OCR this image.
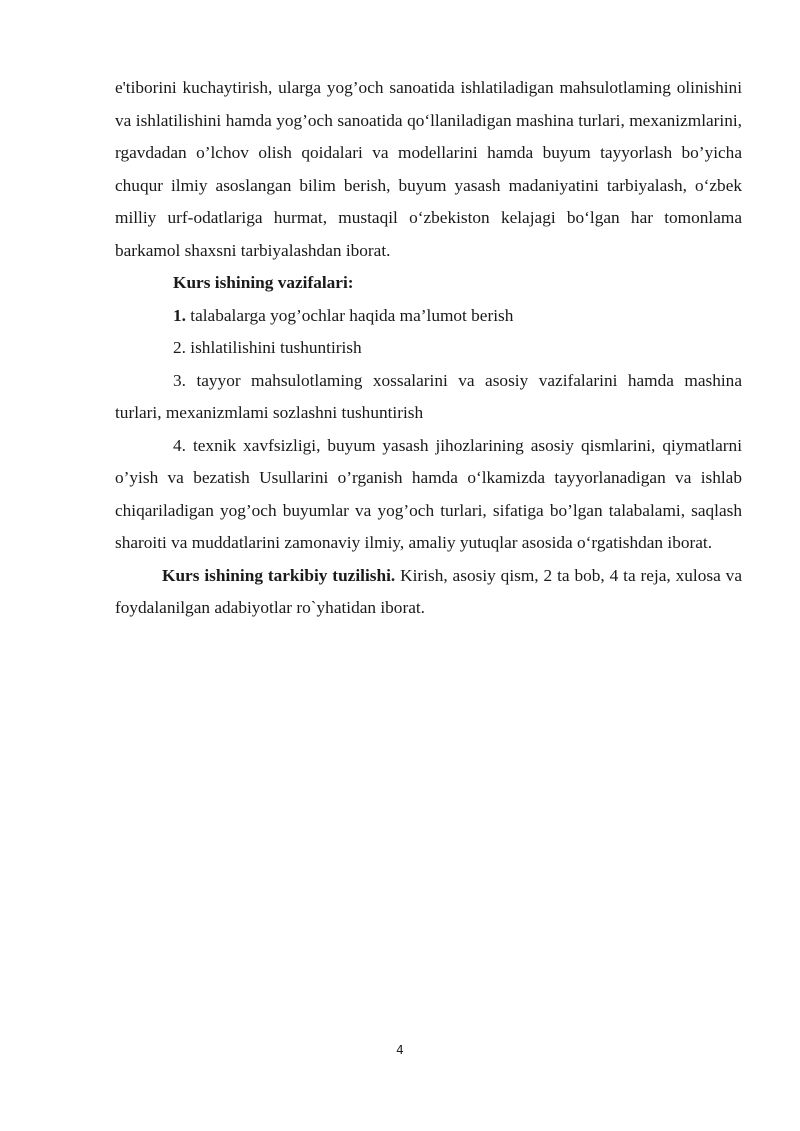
e'tiborini kuchaytirish, ularga yog’och sanoatida ishlatiladigan mahsulotlaming olinishini va ishlatilishini hamda yog’och sanoatida qo‘llaniladigan mashina turlari, mexanizmlarini, rgavdadan o’lchov olish qoidalari va modellarini hamda buyum tayyorlash bo’yicha chuqur ilmiy asoslangan bilim berish, buyum yasash madaniyatini tarbiyalash, o‘zbek milliy urf-odatlariga hurmat, mustaqil o‘zbekiston kelajagi bo‘lgan har tomonlama barkamol shaxsni tarbiyalashdan iborat.

Kurs ishining vazifalari:

1. talabalarga yog’ochlar haqida ma’lumot berish

2. ishlatilishini tushuntirish

3. tayyor mahsulotlaming xossalarini va asosiy vazifalarini hamda mashina turlari, mexanizmlami sozlashni tushuntirish

4. texnik xavfsizligi, buyum yasash jihozlarining asosiy qismlarini, qiymatlarni o’yish va bezatish Usullarini o’rganish hamda o‘lkamizda tayyorlanadigan va ishlab chiqariladigan yog’och buyumlar va yog’och turlari, sifatiga bo’lgan talabalami, saqlash sharoiti va muddatlarini zamonaviy ilmiy, amaliy yutuqlar asosida o‘rgatishdan iborat.

Kurs ishining tarkibiy tuzilishi. Kirish, asosiy qism, 2 ta bob, 4 ta reja, xulosa va foydalanilgan adabiyotlar ro`yhatidan iborat.

4
